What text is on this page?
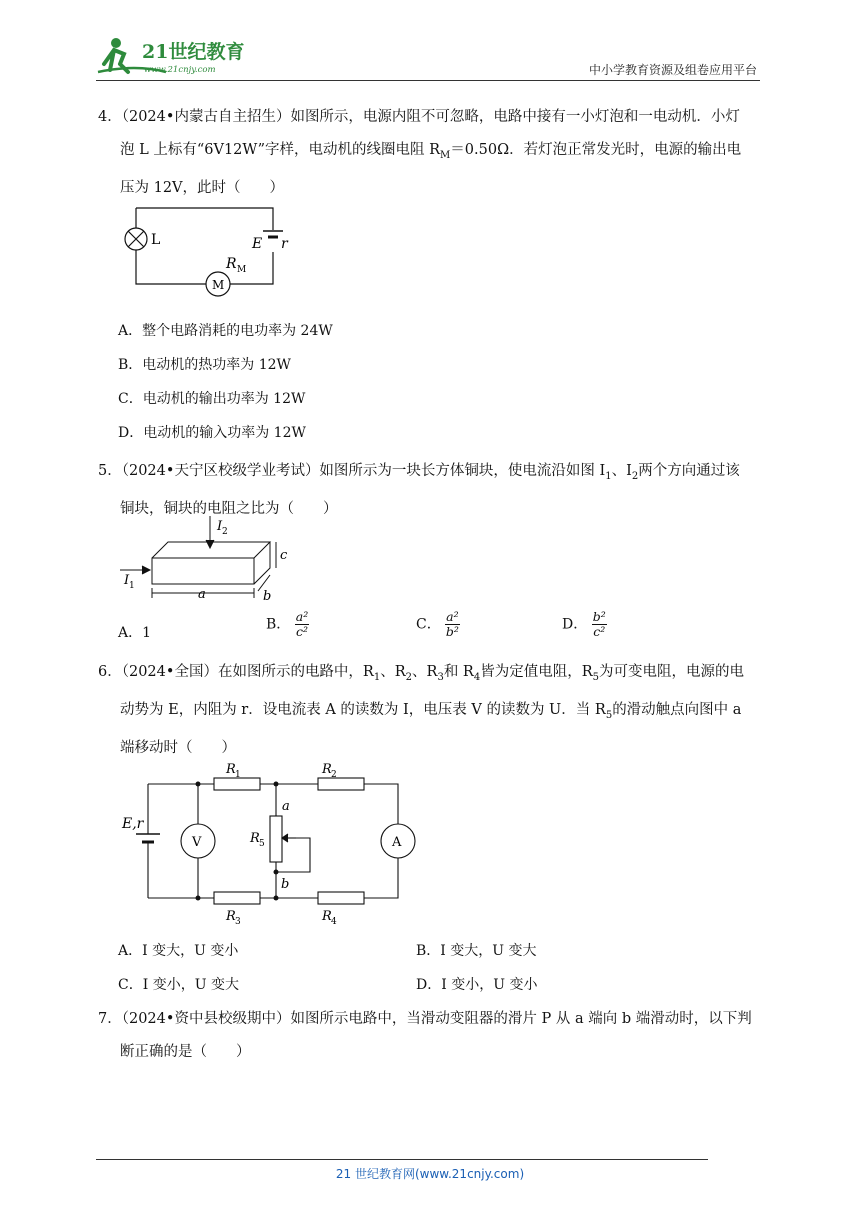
21世纪教育
www.21cnjy.com	中小学教育资源及组卷应用平台

4．（2024•内蒙古自主招生）如图所示，电源内阻不可忽略，电路中接有一小灯泡和一电动机．小灯

泡 L 上标有“6V12W”字样，电动机的线圈电阻 $R_M=0.50\Omega$．若灯泡正常发光时，电源的输出电

压为 12V，此时（　　）

L	E r
R M
M
A．整个电路消耗的电功率为 24W
B．电动机的热功率为 12W
C．电动机的输出功率为 12W
D．电动机的输入功率为 12W

5．（2024•天宁区校级学业考试）如图所示为一块长方体铜块，使电流沿如图 $I_1$、$I_2$两个方向通过该

铜块，铜块的电阻之比为（　　）

I 2
I 1
a	b
c
A．1
B． $\frac{\text{a²}}{\text{c²}}$	C． $\frac{\text{a²}}{\text{b²}}$	D． $\frac{\text{b²}}{\text{c²}}$

6．（2024•全国）在如图所示的电路中，$R_1$、$R_2$、$R_3$和 $R_4$皆为定值电阻，$R_5$为可变电阻，电源的电

动势为 E，内阻为 r．设电流表 A 的读数为 I，电压表 V 的读数为 U．当 $R_5$的滑动触点向图中 a

端移动时（　　）

E,r
V	A
R 1	R 2
R 3	R 4
R 5
a
b
A．I 变大，U 变小	B．I 变大，U 变大
C．I 变小，U 变大	D．I 变小，U 变小

7．（2024•资中县校级期中）如图所示电路中，当滑动变阻器的滑片 P 从 a 端向 b 端滑动时，以下判

断正确的是（　　）

21 世纪教育网(www.21cnjy.com)
